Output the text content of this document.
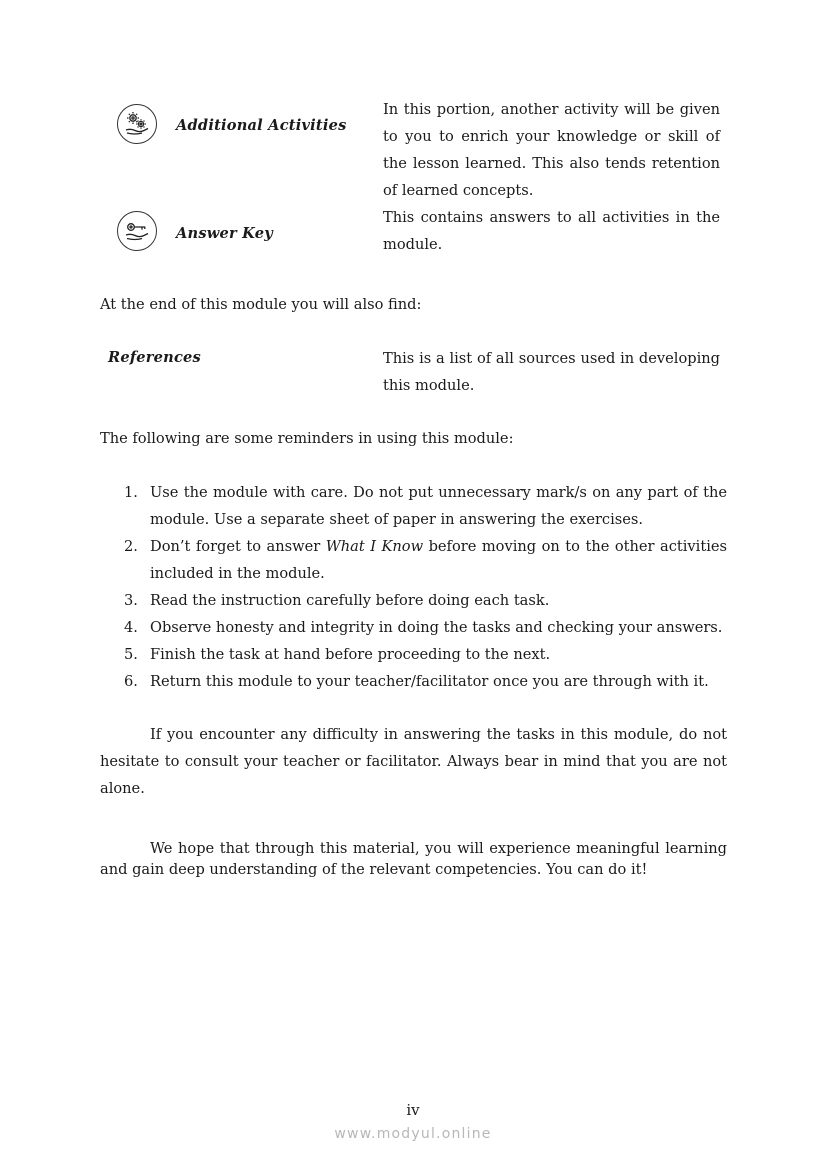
Additional Activities
In this portion, another activity will be given to you to enrich your knowledge or skill of the lesson learned. This also tends retention of learned concepts.
Answer Key
This contains answers to all activities in the module.
At the end of this module you will also find:
References	This is a list of all sources used in developing this module.
The following are some reminders in using this module:
1. Use the module with care. Do not put unnecessary mark/s on any part of the module. Use a separate sheet of paper in answering the exercises.
2. Don’t forget to answer What I Know before moving on to the other activities included in the module.
3. Read the instruction carefully before doing each task.
4. Observe honesty and integrity in doing the tasks and checking your answers.
5. Finish the task at hand before proceeding to the next.
6. Return this module to your teacher/facilitator once you are through with it.
If you encounter any difficulty in answering the tasks in this module, do not hesitate to consult your teacher or facilitator. Always bear in mind that you are not alone.
We hope that through this material, you will experience meaningful learning and gain deep understanding of the relevant competencies. You can do it!
iv
www.modyul.online
